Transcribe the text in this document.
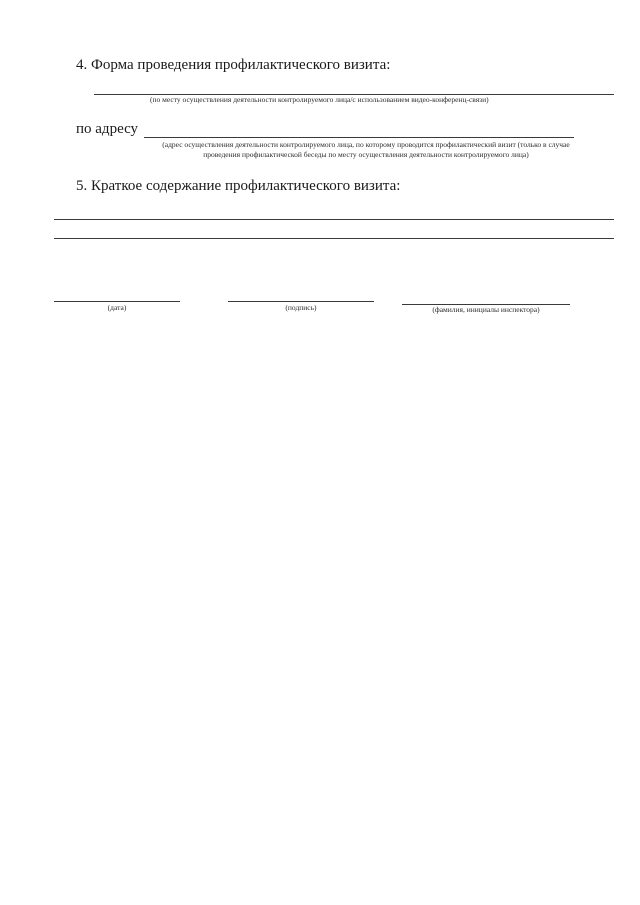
4. Форма проведения профилактического визита:
(по месту осуществления деятельности контролируемого лица/с использованием видео-конференц-связи)
по адресу
(адрес осуществления деятельности контролируемого лица, по которому проводится профилактический визит (только в случае
проведения профилактической беседы по месту осуществления деятельности контролируемого лица)
5. Краткое содержание профилактического визита:
(дата)	(подпись)	(фамилия, инициалы инспектора)
